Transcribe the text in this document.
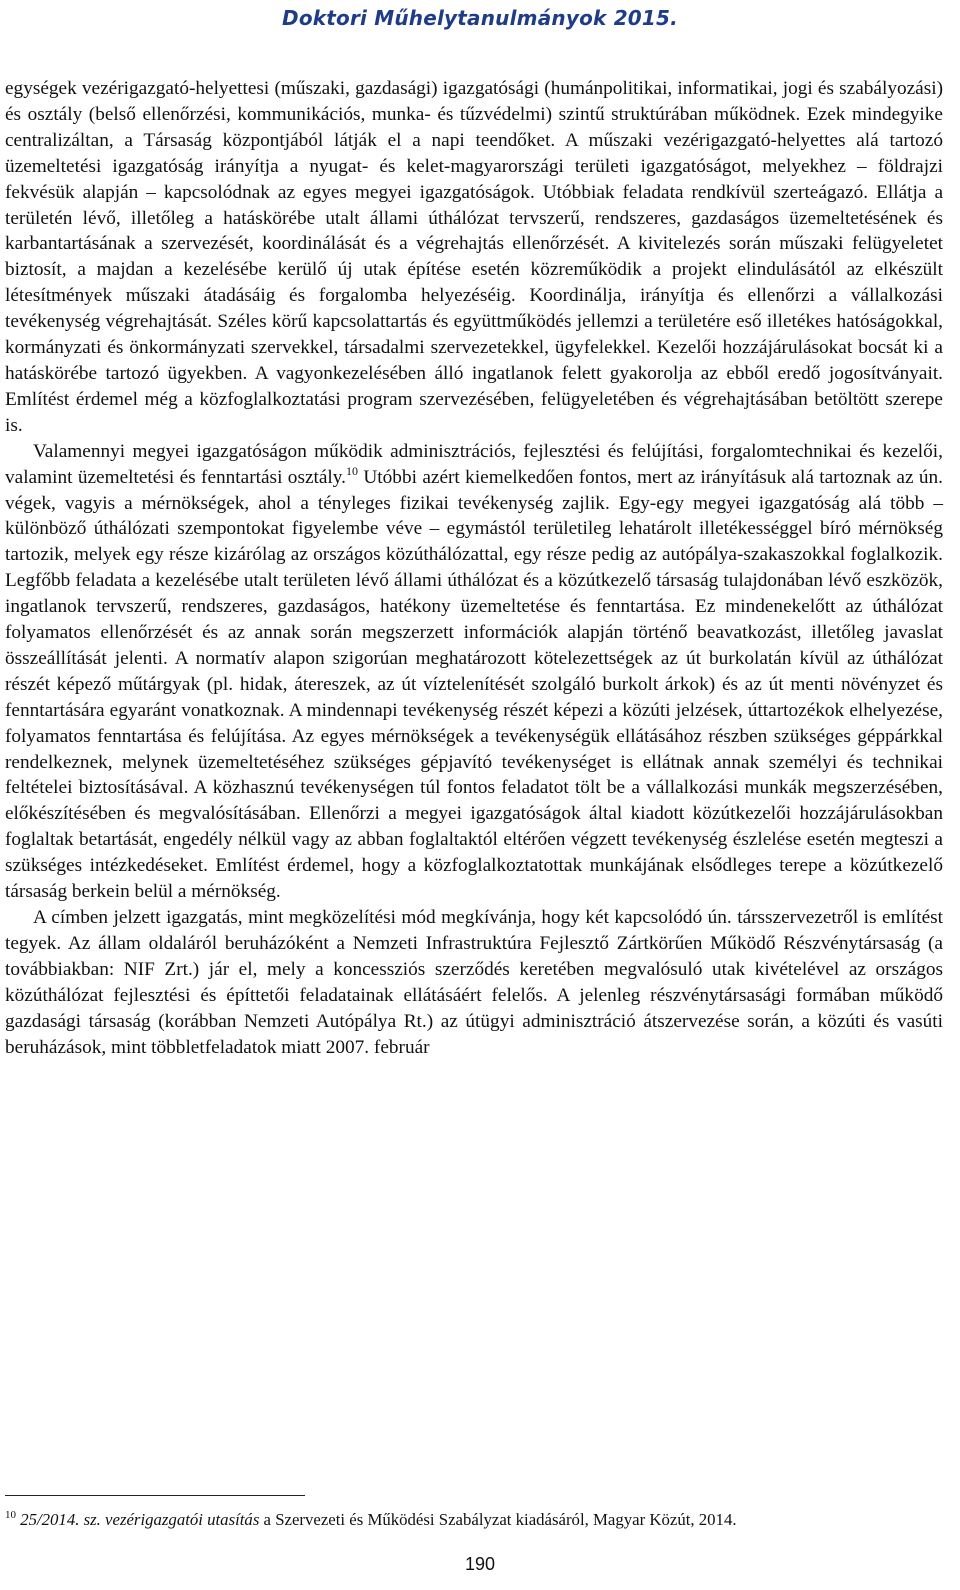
Doktori Műhelytanulmányok 2015.

egységek vezérigazgató-helyettesi (műszaki, gazdasági) igazgatósági (humánpolitikai, informatikai, jogi és szabályozási) és osztály (belső ellenőrzési, kommunikációs, munka- és tűzvédelmi) szintű struktúrában működnek. Ezek mindegyike centralizáltan, a Társaság központjából látják el a napi teendőket. A műszaki vezérigazgató-helyettes alá tartozó üzemeltetési igazgatóság irányítja a nyugat- és kelet-magyarországi területi igazgatóságot, melyekhez – földrajzi fekvésük alapján – kapcsolódnak az egyes megyei igazgatóságok. Utóbbiak feladata rendkívül szerteágazó. Ellátja a területén lévő, illetőleg a hatáskörébe utalt állami úthálózat tervszerű, rendszeres, gazdaságos üzemeltetésének és karbantartásának a szervezését, koordinálását és a végrehajtás ellenőrzését. A kivitelezés során műszaki felügyeletet biztosít, a majdan a kezelésébe kerülő új utak építése esetén közreműködik a projekt elindulásától az elkészült létesítmények műszaki átadásáig és forgalomba helyezéséig. Koordinálja, irányítja és ellenőrzi a vállalkozási tevékenység végrehajtását. Széles körű kapcsolattartás és együttműködés jellemzi a területére eső illetékes hatóságokkal, kormányzati és önkormányzati szervekkel, társadalmi szervezetekkel, ügyfelekkel. Kezelői hozzájárulásokat bocsát ki a hatáskörébe tartozó ügyekben. A vagyonkezelésében álló ingatlanok felett gyakorolja az ebből eredő jogosítványait. Említést érdemel még a közfoglalkoztatási program szervezésében, felügyeletében és végrehajtásában betöltött szerepe is.

Valamennyi megyei igazgatóságon működik adminisztrációs, fejlesztési és felújítási, forgalomtechnikai és kezelői, valamint üzemeltetési és fenntartási osztály.$^{10}$ Utóbbi azért kiemelkedően fontos, mert az irányításuk alá tartoznak az ún. végek, vagyis a mérnökségek, ahol a tényleges fizikai tevékenység zajlik. Egy-egy megyei igazgatóság alá több – különböző úthálózati szempontokat figyelembe véve – egymástól területileg lehatárolt illetékességgel bíró mérnökség tartozik, melyek egy része kizárólag az országos közúthálózattal, egy része pedig az autópálya-szakaszokkal foglalkozik. Legfőbb feladata a kezelésébe utalt területen lévő állami úthálózat és a közútkezelő társaság tulajdonában lévő eszközök, ingatlanok tervszerű, rendszeres, gazdaságos, hatékony üzemeltetése és fenntartása. Ez mindenekelőtt az úthálózat folyamatos ellenőrzését és az annak során megszerzett információk alapján történő beavatkozást, illetőleg javaslat összeállítását jelenti. A normatív alapon szigorúan meghatározott kötelezettségek az út burkolatán kívül az úthálózat részét képező műtárgyak (pl. hidak, átereszek, az út víztelenítését szolgáló burkolt árkok) és az út menti növényzet és fenntartására egyaránt vonatkoznak. A mindennapi tevékenység részét képezi a közúti jelzések, úttartozékok elhelyezése, folyamatos fenntartása és felújítása. Az egyes mérnökségek a tevékenységük ellátásához részben szükséges géppárkkal rendelkeznek, melynek üzemeltetéséhez szükséges gépjavító tevékenységet is ellátnak annak személyi és technikai feltételei biztosításával. A közhasznú tevékenységen túl fontos feladatot tölt be a vállalkozási munkák megszerzésében, előkészítésében és megvalósításában. Ellenőrzi a megyei igazgatóságok által kiadott közútkezelői hozzájárulásokban foglaltak betartását, engedély nélkül vagy az abban foglaltaktól eltérően végzett tevékenység észlelése esetén megteszi a szükséges intézkedéseket. Említést érdemel, hogy a közfoglalkoztatottak munkájának elsődleges terepe a közútkezelő társaság berkein belül a mérnökség.

A címben jelzett igazgatás, mint megközelítési mód megkívánja, hogy két kapcsolódó ún. társszervezetről is említést tegyek. Az állam oldaláról beruházóként a Nemzeti Infrastruktúra Fejlesztő Zártkörűen Működő Részvénytársaság (a továbbiakban: NIF Zrt.) jár el, mely a koncessziós szerződés keretében megvalósuló utak kivételével az országos közúthálózat fejlesztési és építtetői feladatainak ellátásáért felelős. A jelenleg részvénytársasági formában működő gazdasági társaság (korábban Nemzeti Autópálya Rt.) az útügyi adminisztráció átszervezése során, a közúti és vasúti beruházások, mint többletfeladatok miatt 2007. február

$^{10}$ 25/2014. sz. vezérigazgatói utasítás a Szervezeti és Működési Szabályzat kiadásáról, Magyar Közút, 2014.
190
